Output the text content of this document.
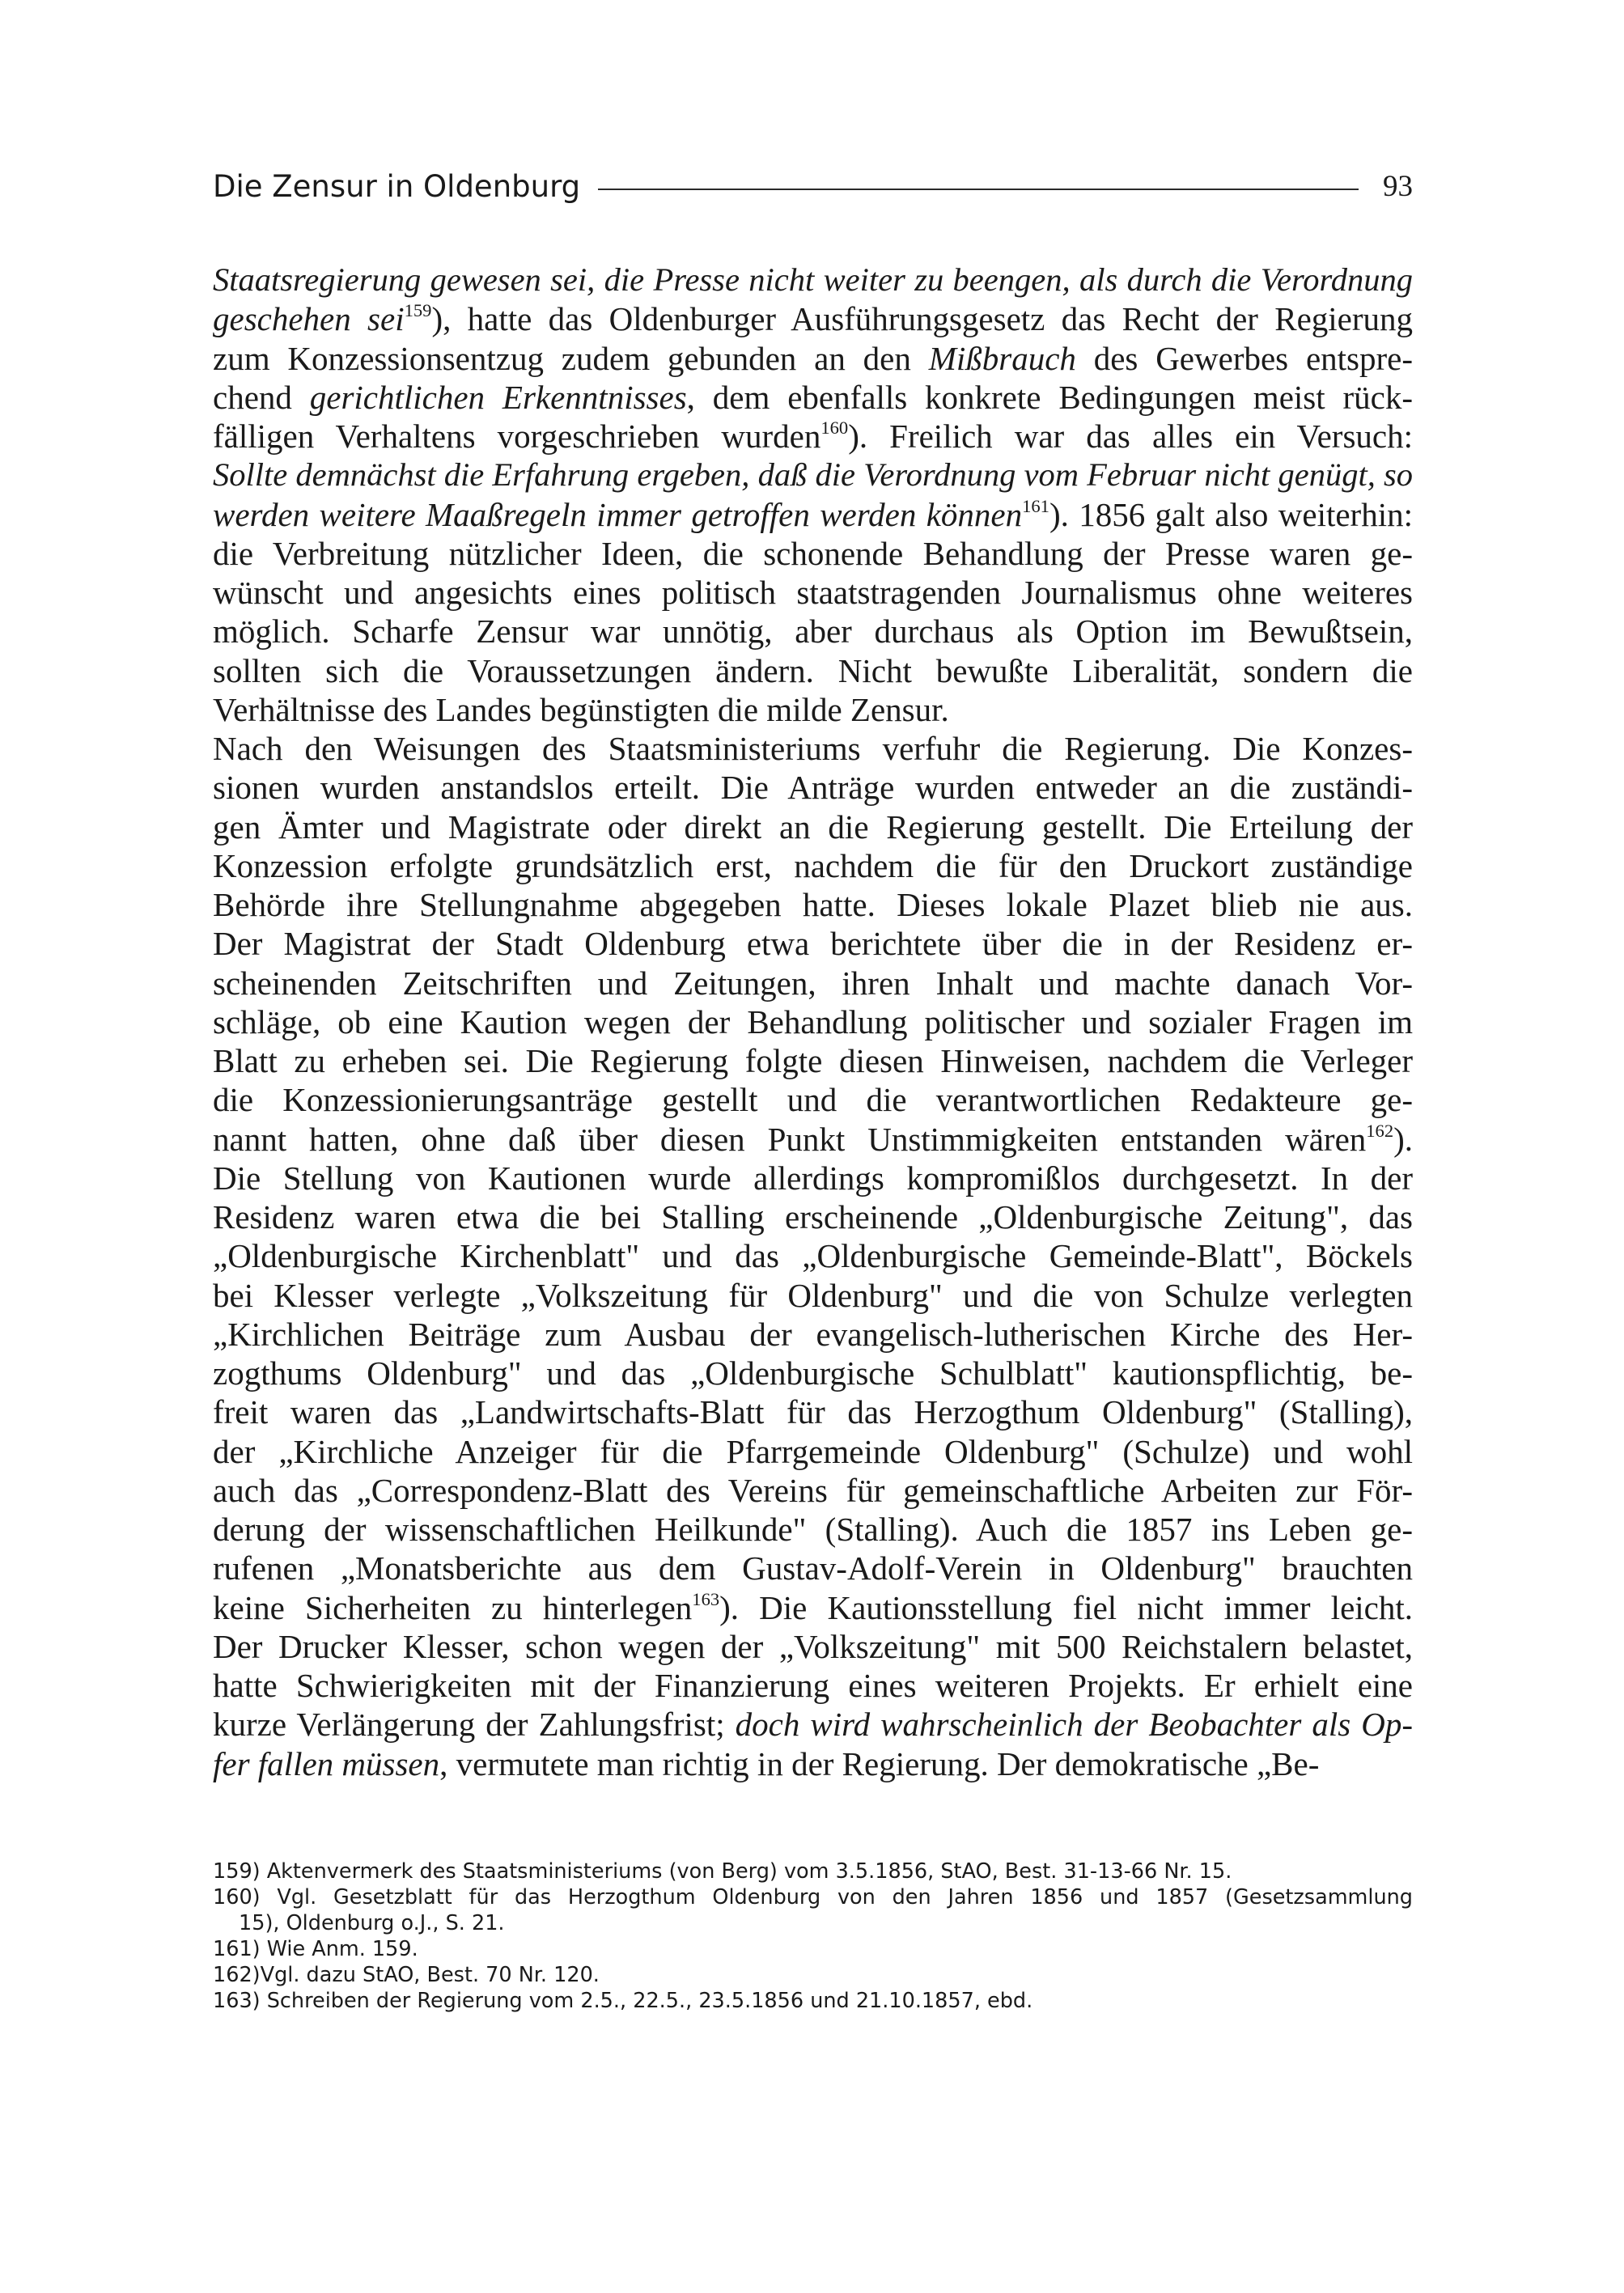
Die Zensur in Oldenburg	93
Staatsregierung gewesen sei, die Presse nicht weiter zu beengen, als durch die Verordnung
geschehen sei$^{159}$), hatte das Oldenburger Ausführungsgesetz das Recht der Regierung
zum Konzessionsentzug zudem gebunden an den Mißbrauch des Gewerbes entspre-
chend gerichtlichen Erkenntnisses, dem ebenfalls konkrete Bedingungen meist rück-
fälligen Verhaltens vorgeschrieben wurden$^{160}$). Freilich war das alles ein Versuch:
Sollte demnächst die Erfahrung ergeben, daß die Verordnung vom Februar nicht genügt, so
werden weitere Maaßregeln immer getroffen werden können$^{161}$). 1856 galt also weiterhin:
die Verbreitung nützlicher Ideen, die schonende Behandlung der Presse waren ge-
wünscht und angesichts eines politisch staatstragenden Journalismus ohne weiteres
möglich. Scharfe Zensur war unnötig, aber durchaus als Option im Bewußtsein,
sollten sich die Voraussetzungen ändern. Nicht bewußte Liberalität, sondern die
Verhältnisse des Landes begünstigten die milde Zensur.
Nach den Weisungen des Staatsministeriums verfuhr die Regierung. Die Konzes-
sionen wurden anstandslos erteilt. Die Anträge wurden entweder an die zuständi-
gen Ämter und Magistrate oder direkt an die Regierung gestellt. Die Erteilung der
Konzession erfolgte grundsätzlich erst, nachdem die für den Druckort zuständige
Behörde ihre Stellungnahme abgegeben hatte. Dieses lokale Plazet blieb nie aus.
Der Magistrat der Stadt Oldenburg etwa berichtete über die in der Residenz er-
scheinenden Zeitschriften und Zeitungen, ihren Inhalt und machte danach Vor-
schläge, ob eine Kaution wegen der Behandlung politischer und sozialer Fragen im
Blatt zu erheben sei. Die Regierung folgte diesen Hinweisen, nachdem die Verleger
die Konzessionierungsanträge gestellt und die verantwortlichen Redakteure ge-
nannt hatten, ohne daß über diesen Punkt Unstimmigkeiten entstanden wären$^{162}$).
Die Stellung von Kautionen wurde allerdings kompromißlos durchgesetzt. In der
Residenz waren etwa die bei Stalling erscheinende „Oldenburgische Zeitung", das
„Oldenburgische Kirchenblatt" und das „Oldenburgische Gemeinde-Blatt", Böckels
bei Klesser verlegte „Volkszeitung für Oldenburg" und die von Schulze verlegten
„Kirchlichen Beiträge zum Ausbau der evangelisch-lutherischen Kirche des Her-
zogthums Oldenburg" und das „Oldenburgische Schulblatt" kautionspflichtig, be-
freit waren das „Landwirtschafts-Blatt für das Herzogthum Oldenburg" (Stalling),
der „Kirchliche Anzeiger für die Pfarrgemeinde Oldenburg" (Schulze) und wohl
auch das „Correspondenz-Blatt des Vereins für gemeinschaftliche Arbeiten zur För-
derung der wissenschaftlichen Heilkunde" (Stalling). Auch die 1857 ins Leben ge-
rufenen „Monatsberichte aus dem Gustav-Adolf-Verein in Oldenburg" brauchten
keine Sicherheiten zu hinterlegen$^{163}$). Die Kautionsstellung fiel nicht immer leicht.
Der Drucker Klesser, schon wegen der „Volkszeitung" mit 500 Reichstalern belastet,
hatte Schwierigkeiten mit der Finanzierung eines weiteren Projekts. Er erhielt eine
kurze Verlängerung der Zahlungsfrist; doch wird wahrscheinlich der Beobachter als Op-
fer fallen müssen, vermutete man richtig in der Regierung. Der demokratische „Be-
159) Aktenvermerk des Staatsministeriums (von Berg) vom 3.5.1856, StAO, Best. 31-13-66 Nr. 15.
160) Vgl. Gesetzblatt für das Herzogthum Oldenburg von den Jahren 1856 und 1857 (Gesetzsammlung
15), Oldenburg o.J., S. 21.
161) Wie Anm. 159.
162)Vgl. dazu StAO, Best. 70 Nr. 120.
163) Schreiben der Regierung vom 2.5., 22.5., 23.5.1856 und 21.10.1857, ebd.
